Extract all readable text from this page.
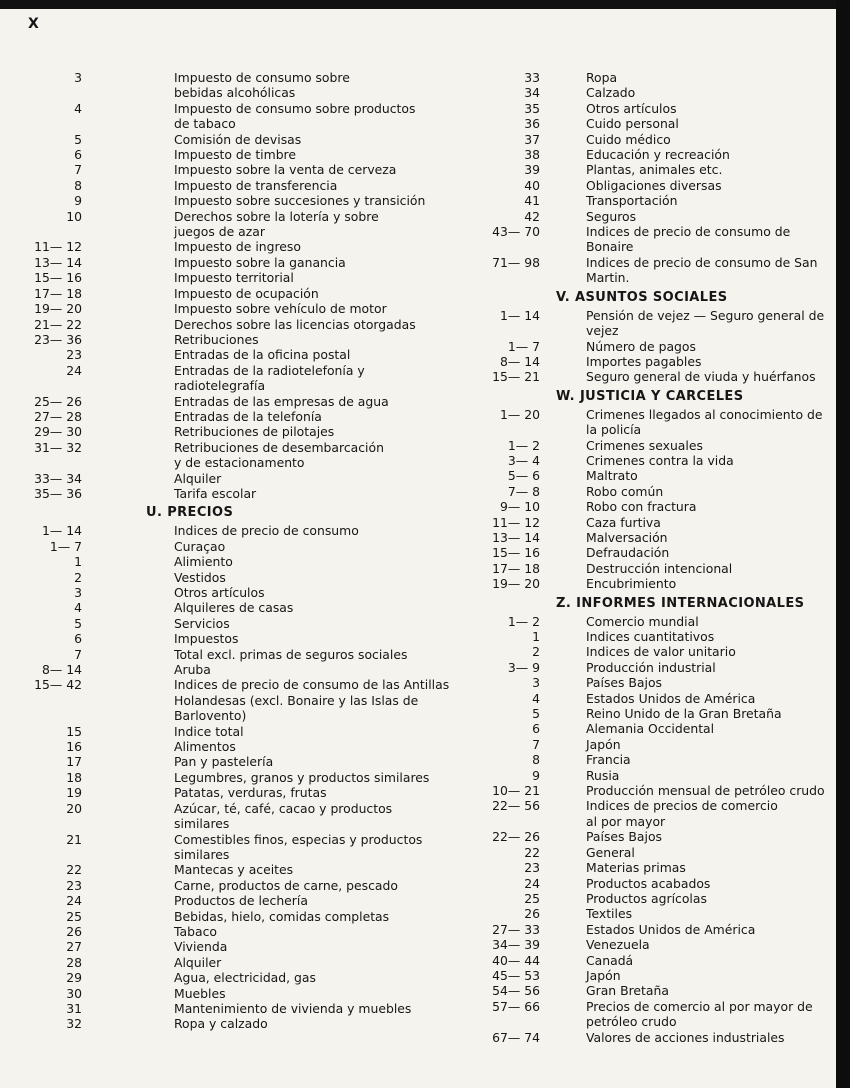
X
3	Impuesto de consumo sobre
bebidas alcohólicas
4	Impuesto de consumo sobre productos
de tabaco
5	Comisión de devisas
6	Impuesto de timbre
7	Impuesto sobre la venta de cerveza
8	Impuesto de transferencia
9	Impuesto sobre succesiones y transición
10	Derechos sobre la lotería y sobre
juegos de azar
11— 12	Impuesto de ingreso
13— 14	Impuesto sobre la ganancia
15— 16	Impuesto territorial
17— 18	Impuesto de ocupación
19— 20	Impuesto sobre vehículo de motor
21— 22	Derechos sobre las licencias otorgadas
23— 36	Retribuciones
23	Entradas de la oficina postal
24	Entradas de la radiotelefonía y
radiotelegrafía
25— 26	Entradas de las empresas de agua
27— 28	Entradas de la telefonía
29— 30	Retribuciones de pilotajes
31— 32	Retribuciones de desembarcación
y de estacionamento
33— 34	Alquiler
35— 36	Tarifa escolar
U. PRECIOS
1— 14	Indices de precio de consumo
1— 7	Curaçao
1	Alimiento
2	Vestidos
3	Otros artículos
4	Alquileres de casas
5	Servicios
6	Impuestos
7	Total excl. primas de seguros sociales
8— 14	Aruba
15— 42	Indices de precio de consumo de las Antillas Holandesas (excl. Bonaire y las Islas de Barlovento)
15	Indice total
16	Alimentos
17	Pan y pastelería
18	Legumbres, granos y productos similares
19	Patatas, verduras, frutas
20	Azúcar, té, café, cacao y productos similares
21	Comestibles finos, especias y productos similares
22	Mantecas y aceites
23	Carne, productos de carne, pescado
24	Productos de lechería
25	Bebidas, hielo, comidas completas
26	Tabaco
27	Vivienda
28	Alquiler
29	Agua, electricidad, gas
30	Muebles
31	Mantenimiento de vivienda y muebles
32	Ropa y calzado
33	Ropa
34	Calzado
35	Otros artículos
36	Cuido personal
37	Cuido médico
38	Educación y recreación
39	Plantas, animales etc.
40	Obligaciones diversas
41	Transportación
42	Seguros
43— 70	Indices de precio de consumo de Bonaire
71— 98	Indices de precio de consumo de San Martin.
V. ASUNTOS SOCIALES
1— 14	Pensión de vejez — Seguro general de vejez
1— 7	Número de pagos
8— 14	Importes pagables
15— 21	Seguro general de viuda y huérfanos
W. JUSTICIA Y CARCELES
1— 20	Crimenes llegados al conocimiento de la policía
1— 2	Crimenes sexuales
3— 4	Crimenes contra la vida
5— 6	Maltrato
7— 8	Robo común
9— 10	Robo con fractura
11— 12	Caza furtiva
13— 14	Malversación
15— 16	Defraudación
17— 18	Destrucción intencional
19— 20	Encubrimiento
Z. INFORMES INTERNACIONALES
1— 2	Comercio mundial
1	Indices cuantitativos
2	Indices de valor unitario
3— 9	Producción industrial
3	Países Bajos
4	Estados Unidos de América
5	Reino Unido de la Gran Bretaña
6	Alemania Occidental
7	Japón
8	Francia
9	Rusia
10— 21	Producción mensual de petróleo crudo
22— 56	Indices de precios de comercio
al por mayor
22— 26	Países Bajos
22	General
23	Materias primas
24	Productos acabados
25	Productos agrícolas
26	Textiles
27— 33	Estados Unidos de América
34— 39	Venezuela
40— 44	Canadá
45— 53	Japón
54— 56	Gran Bretaña
57— 66	Precios de comercio al por mayor de petróleo crudo
67— 74	Valores de acciones industriales
